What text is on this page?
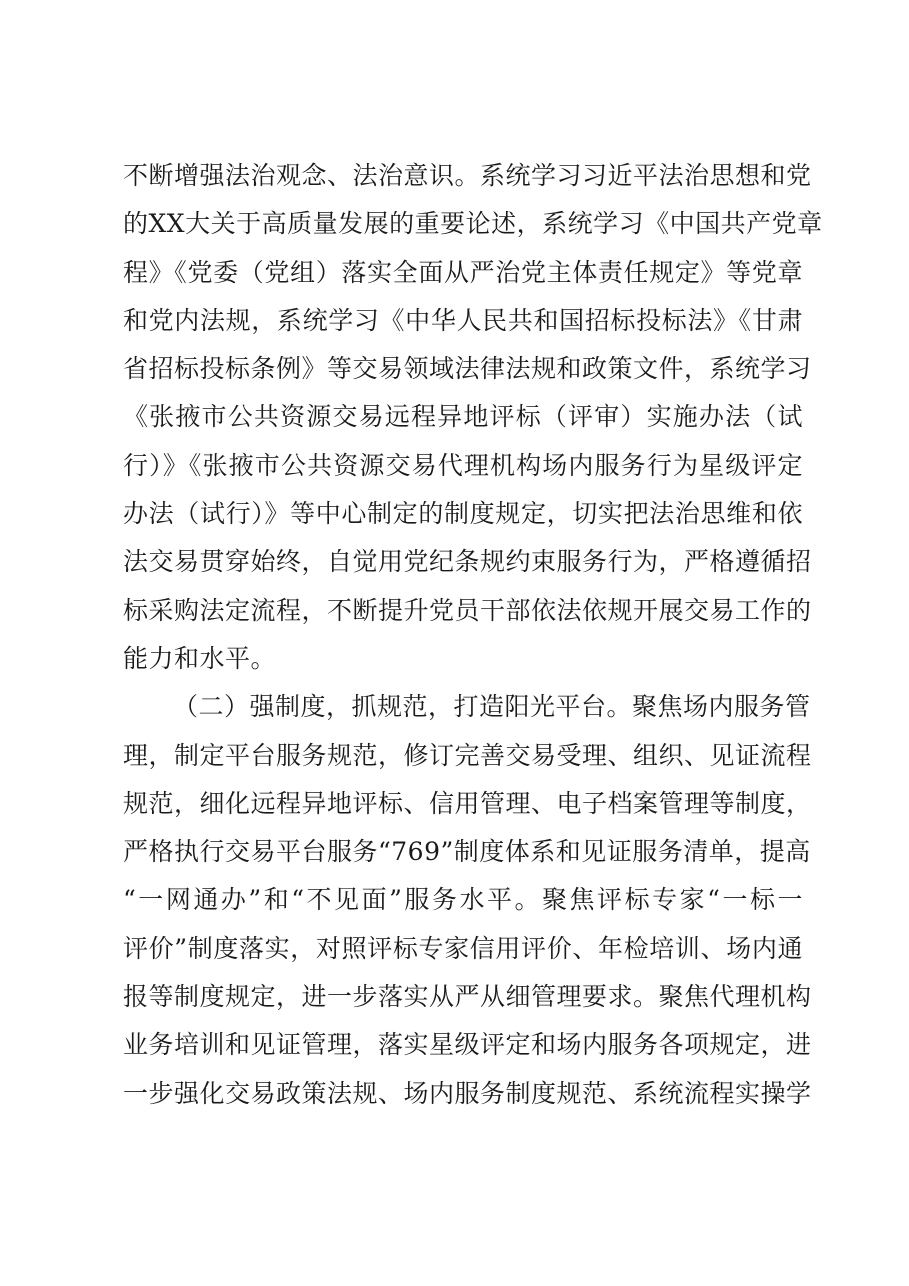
不断增强法治观念、法治意识。系统学习习近平法治思想和党
的XX大关于高质量发展的重要论述，系统学习《中国共产党章
程》《党委（党组）落实全面从严治党主体责任规定》等党章
和党内法规，系统学习《中华人民共和国招标投标法》《甘肃
省招标投标条例》等交易领域法律法规和政策文件，系统学习
《张掖市公共资源交易远程异地评标（评审）实施办法（试
行）》《张掖市公共资源交易代理机构场内服务行为星级评定
办法（试行）》等中心制定的制度规定，切实把法治思维和依
法交易贯穿始终，自觉用党纪条规约束服务行为，严格遵循招
标采购法定流程，不断提升党员干部依法依规开展交易工作的
能力和水平。
（二）强制度，抓规范，打造阳光平台。聚焦场内服务管
理，制定平台服务规范，修订完善交易受理、组织、见证流程
规范，细化远程异地评标、信用管理、电子档案管理等制度，
严格执行交易平台服务“769”制度体系和见证服务清单，提高
“一网通办”和“不见面”服务水平。聚焦评标专家“一标一
评价”制度落实，对照评标专家信用评价、年检培训、场内通
报等制度规定，进一步落实从严从细管理要求。聚焦代理机构
业务培训和见证管理，落实星级评定和场内服务各项规定，进
一步强化交易政策法规、场内服务制度规范、系统流程实操学
